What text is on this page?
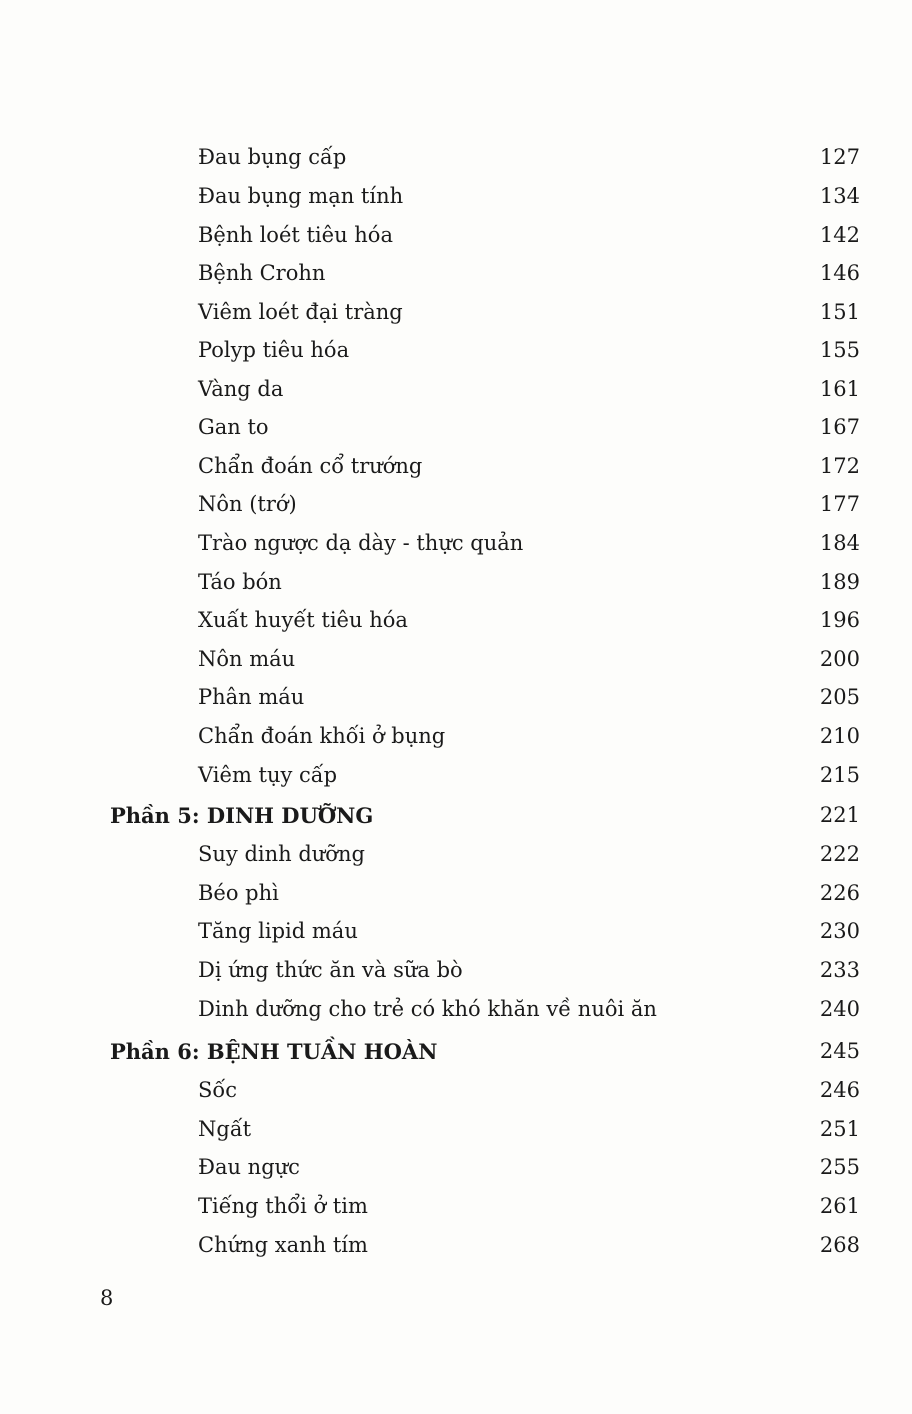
Đau bụng cấp	127
Đau bụng mạn tính	134
Bệnh loét tiêu hóa	142
Bệnh Crohn	146
Viêm loét đại tràng	151
Polyp tiêu hóa	155
Vàng da	161
Gan to	167
Chẩn đoán cổ trướng	172
Nôn (trớ)	177
Trào ngược dạ dày - thực quản	184
Táo bón	189
Xuất huyết tiêu hóa	196
Nôn máu	200
Phân máu	205
Chẩn đoán khối ở bụng	210
Viêm tụy cấp	215
Phần 5: DINH DƯỠNG	221
Suy dinh dưỡng	222
Béo phì	226
Tăng lipid máu	230
Dị ứng thức ăn và sữa bò	233
Dinh dưỡng cho trẻ có khó khăn về nuôi ăn	240
Phần 6: BỆNH TUẦN HOÀN	245
Sốc	246
Ngất	251
Đau ngực	255
Tiếng thổi ở tim	261
Chứng xanh tím	268
8
